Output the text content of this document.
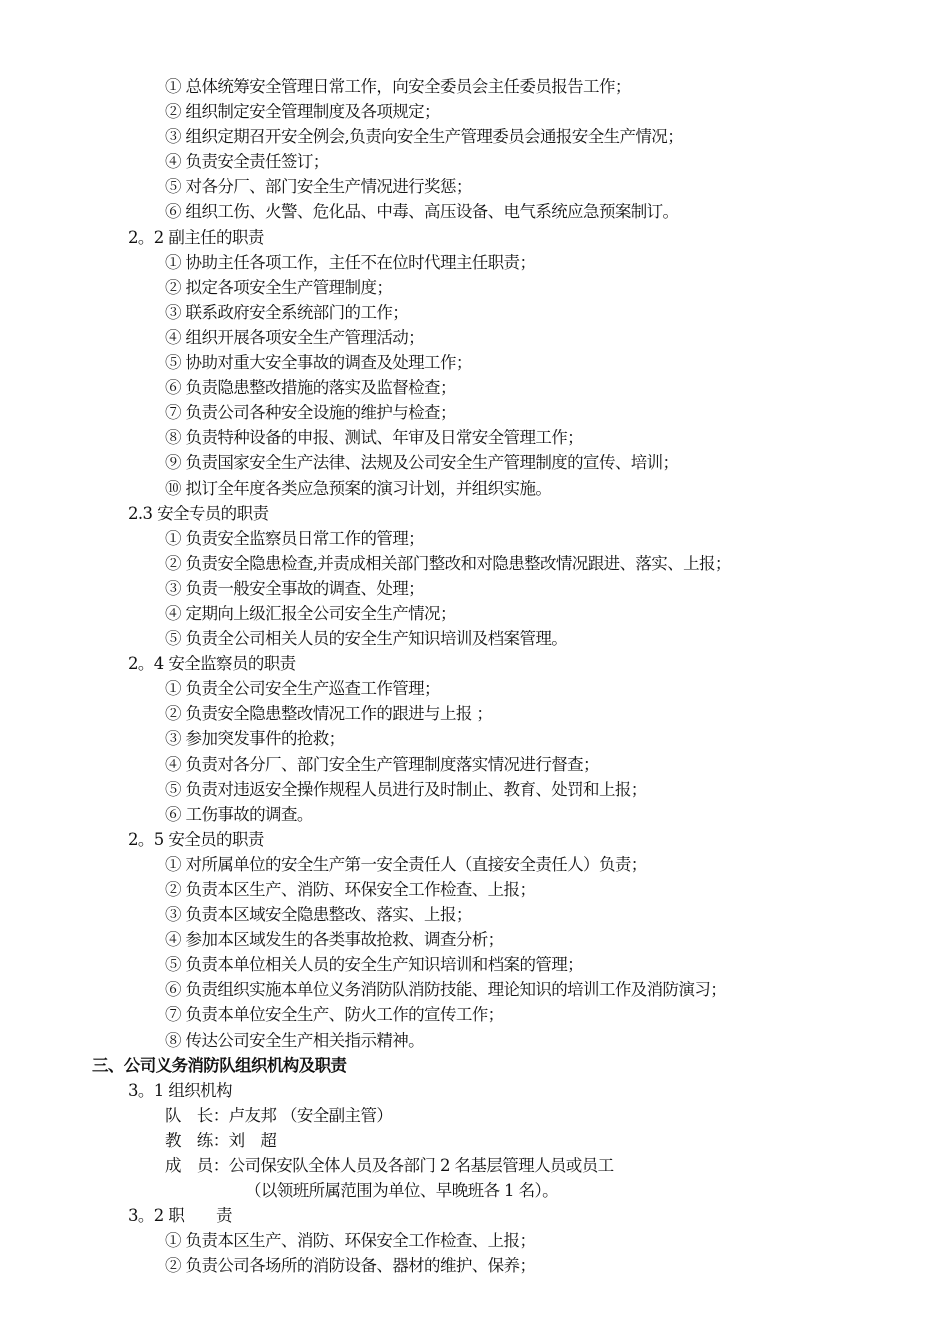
① 总体统筹安全管理日常工作，向安全委员会主任委员报告工作；
② 组织制定安全管理制度及各项规定；
③ 组织定期召开安全例会,负责向安全生产管理委员会通报安全生产情况；
④ 负责安全责任签订；
⑤ 对各分厂、部门安全生产情况进行奖惩；
⑥ 组织工伤、火警、危化品、中毒、高压设备、电气系统应急预案制订。
2。2 副主任的职责
① 协助主任各项工作，主任不在位时代理主任职责；
② 拟定各项安全生产管理制度；
③ 联系政府安全系统部门的工作；
④ 组织开展各项安全生产管理活动；
⑤ 协助对重大安全事故的调查及处理工作；
⑥ 负责隐患整改措施的落实及监督检查；
⑦ 负责公司各种安全设施的维护与检查；
⑧ 负责特种设备的申报、测试、年审及日常安全管理工作；
⑨ 负责国家安全生产法律、法规及公司安全生产管理制度的宣传、培训；
⑩ 拟订全年度各类应急预案的演习计划，并组织实施。
2.3 安全专员的职责
① 负责安全监察员日常工作的管理；
② 负责安全隐患检查,并责成相关部门整改和对隐患整改情况跟进、落实、上报；
③ 负责一般安全事故的调查、处理；
④ 定期向上级汇报全公司安全生产情况；
⑤ 负责全公司相关人员的安全生产知识培训及档案管理。
2。4 安全监察员的职责
① 负责全公司安全生产巡查工作管理；
② 负责安全隐患整改情况工作的跟进与上报 ；
③ 参加突发事件的抢救；
④ 负责对各分厂、部门安全生产管理制度落实情况进行督查；
⑤ 负责对违返安全操作规程人员进行及时制止、教育、处罚和上报；
⑥ 工伤事故的调查。
2。5 安全员的职责
① 对所属单位的安全生产第一安全责任人（直接安全责任人）负责；
② 负责本区生产、消防、环保安全工作检查、上报；
③ 负责本区域安全隐患整改、落实、上报；
④ 参加本区域发生的各类事故抢救、调查分析；
⑤ 负责本单位相关人员的安全生产知识培训和档案的管理；
⑥ 负责组织实施本单位义务消防队消防技能、理论知识的培训工作及消防演习；
⑦ 负责本单位安全生产、防火工作的宣传工作；
⑧ 传达公司安全生产相关指示精神。
三、公司义务消防队组织机构及职责
3。1 组织机构
队　长：卢友邦 （安全副主管）
教　练：刘　超
成　员：公司保安队全体人员及各部门 2 名基层管理人员或员工
（以领班所属范围为单位、早晚班各 1 名）。
3。2 职　　责
① 负责本区生产、消防、环保安全工作检查、上报；
② 负责公司各场所的消防设备、器材的维护、保养；
